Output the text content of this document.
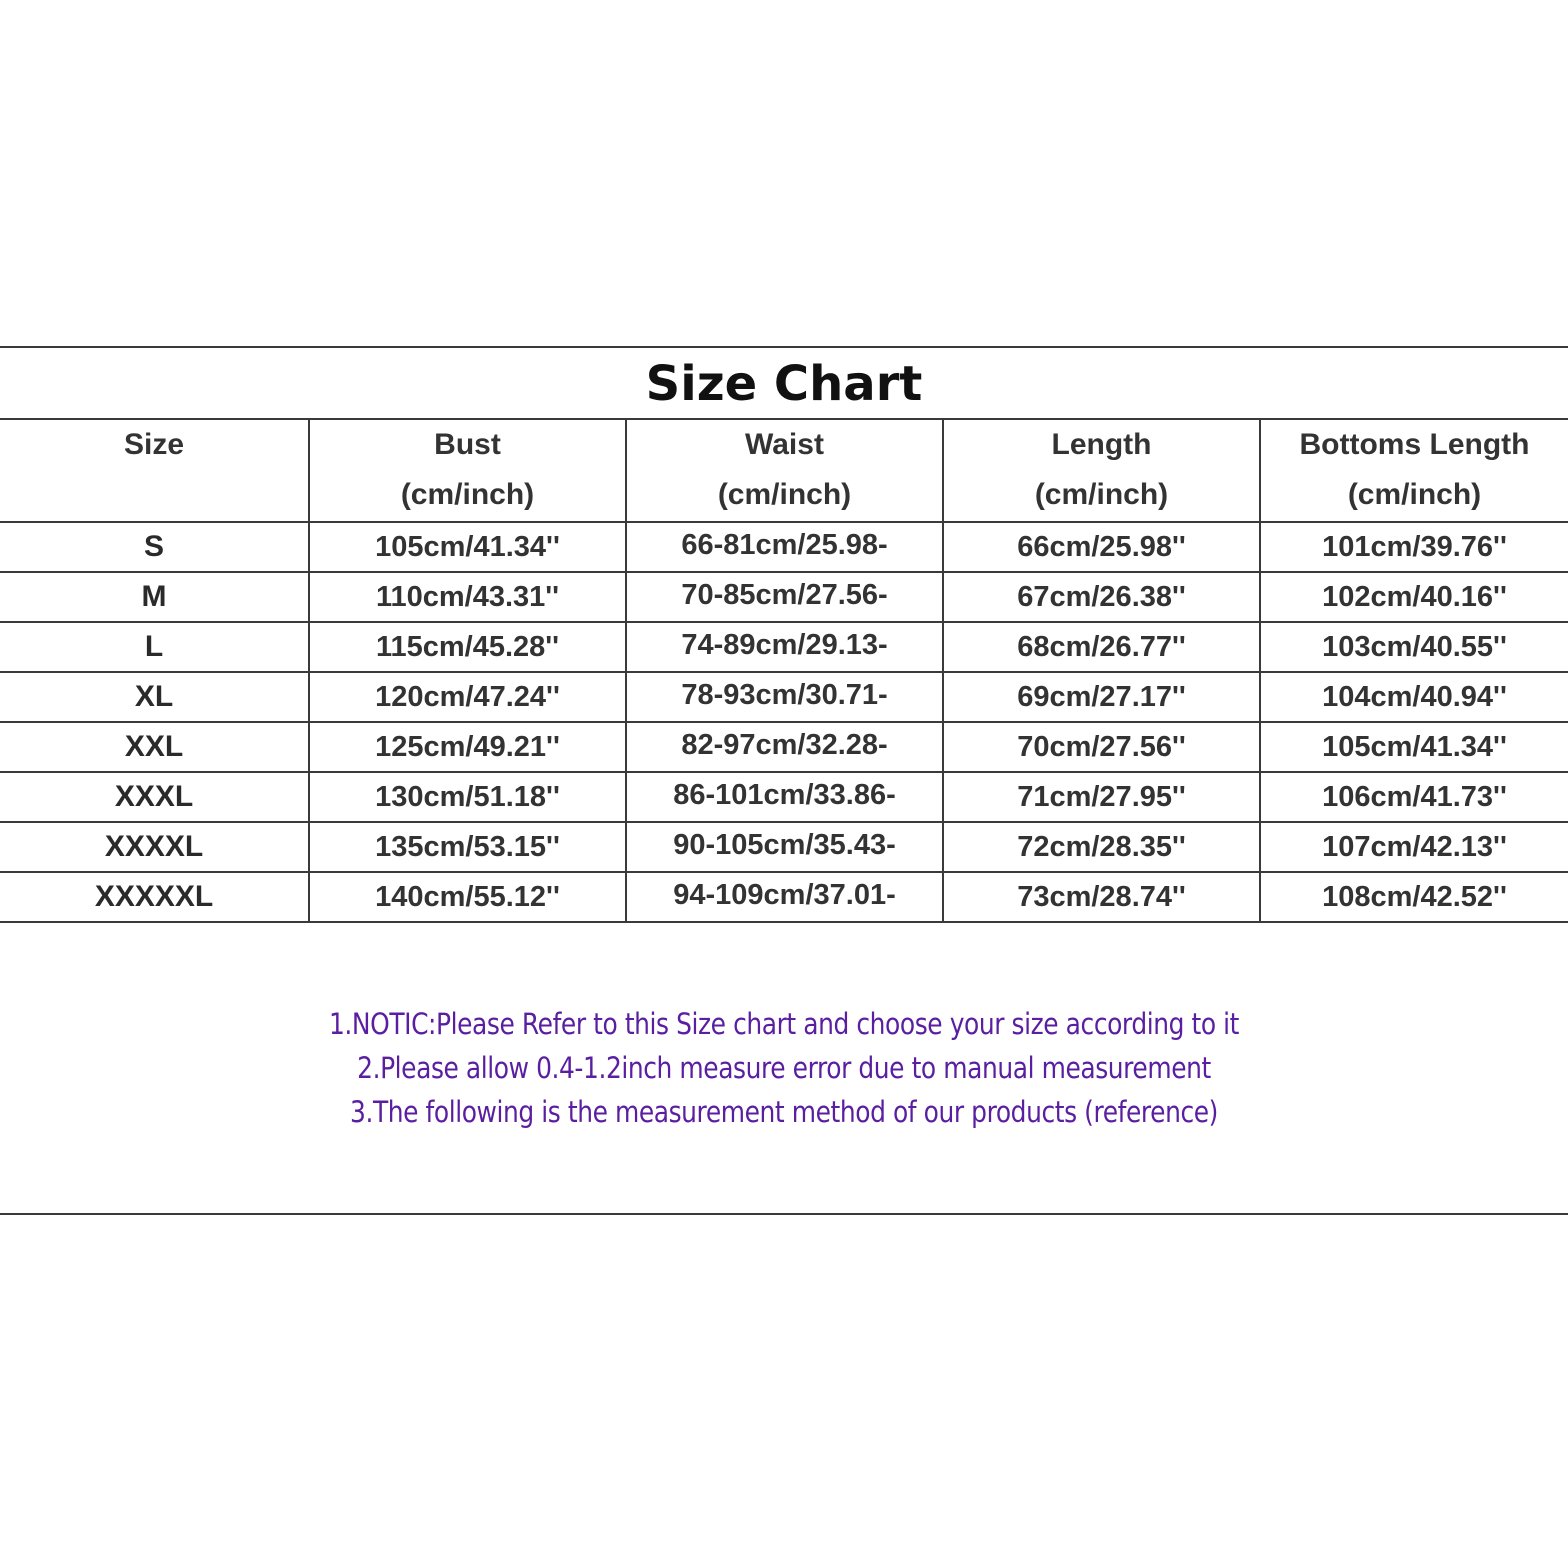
Size Chart
Size	Bust	Waist	Length	Bottoms Length
	(cm/inch)	(cm/inch)	(cm/inch)	(cm/inch)
S	105cm/41.34''	66-81cm/25.98-	66cm/25.98''	101cm/39.76''
M	110cm/43.31''	70-85cm/27.56-	67cm/26.38''	102cm/40.16''
L	115cm/45.28''	74-89cm/29.13-	68cm/26.77''	103cm/40.55''
XL	120cm/47.24''	78-93cm/30.71-	69cm/27.17''	104cm/40.94''
XXL	125cm/49.21''	82-97cm/32.28-	70cm/27.56''	105cm/41.34''
XXXL	130cm/51.18''	86-101cm/33.86-	71cm/27.95''	106cm/41.73''
XXXXL	135cm/53.15''	90-105cm/35.43-	72cm/28.35''	107cm/42.13''
XXXXXL	140cm/55.12''	94-109cm/37.01-	73cm/28.74''	108cm/42.52''
1.NOTIC:Please Refer to this Size chart and choose your size according to it
2.Please allow 0.4-1.2inch measure error due to manual measurement
3.The following is the measurement method of our products (reference)
